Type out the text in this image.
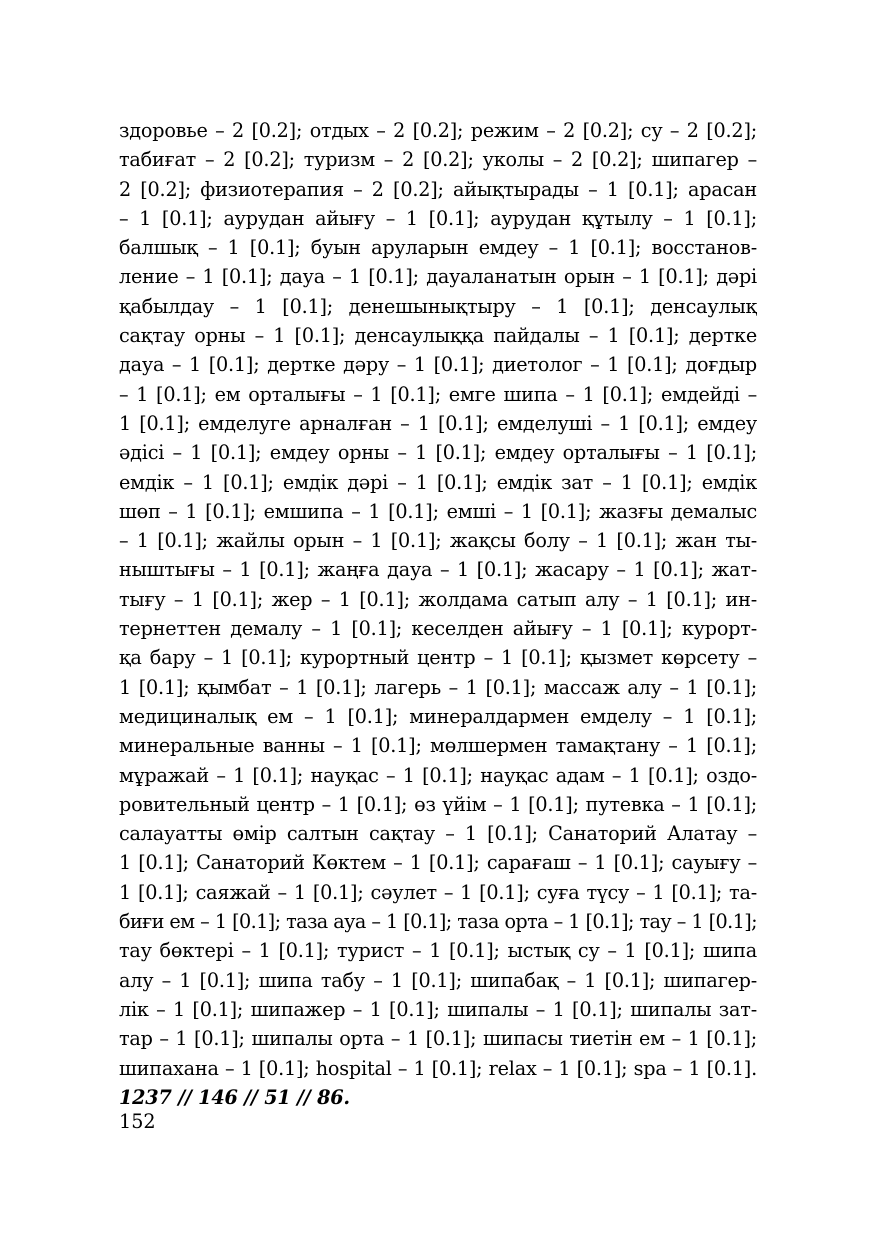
здоровье – 2 [0.2]; отдых – 2 [0.2]; режим – 2 [0.2]; су – 2 [0.2];
табиғат – 2 [0.2]; туризм – 2 [0.2]; уколы – 2 [0.2]; шипагер –
2 [0.2]; физиотерапия – 2 [0.2]; айықтырады – 1 [0.1]; арасан
– 1 [0.1]; аурудан айығу – 1 [0.1]; аурудан құтылу – 1 [0.1];
балшық – 1 [0.1]; буын аруларын емдеу – 1 [0.1]; восстанов-
ление – 1 [0.1]; дауа – 1 [0.1]; дауаланатын орын – 1 [0.1]; дәрі
қабылдау – 1 [0.1]; денешынықтыру – 1 [0.1]; денсаулық
сақтау орны – 1 [0.1]; денсаулыққа пайдалы – 1 [0.1]; дертке
дауа – 1 [0.1]; дертке дәру – 1 [0.1]; диетолог – 1 [0.1]; доғдыр
– 1 [0.1]; ем орталығы – 1 [0.1]; емге шипа – 1 [0.1]; емдейді –
1 [0.1]; емделуге арналған – 1 [0.1]; емделуші – 1 [0.1]; емдеу
әдісі – 1 [0.1]; емдеу орны – 1 [0.1]; емдеу орталығы – 1 [0.1];
емдік – 1 [0.1]; емдік дәрі – 1 [0.1]; емдік зат – 1 [0.1]; емдік
шөп – 1 [0.1]; емшипа – 1 [0.1]; емші – 1 [0.1]; жазғы демалыс
– 1 [0.1]; жайлы орын – 1 [0.1]; жақсы болу – 1 [0.1]; жан ты-
ныштығы – 1 [0.1]; жаңға дауа – 1 [0.1]; жасару – 1 [0.1]; жат-
тығу – 1 [0.1]; жер – 1 [0.1]; жолдама сатып алу – 1 [0.1]; ин-
тернеттен демалу – 1 [0.1]; кеселден айығу – 1 [0.1]; курорт-
қа бару – 1 [0.1]; курортный центр – 1 [0.1]; қызмет көрсету –
1 [0.1]; қымбат – 1 [0.1]; лагерь – 1 [0.1]; массаж алу – 1 [0.1];
медициналық ем – 1 [0.1]; минералдармен емделу – 1 [0.1];
минеральные ванны – 1 [0.1]; мөлшермен тамақтану – 1 [0.1];
мұражай – 1 [0.1]; науқас – 1 [0.1]; науқас адам – 1 [0.1]; оздо-
ровительный центр – 1 [0.1]; өз үйім – 1 [0.1]; путевка – 1 [0.1];
салауатты өмір салтын сақтау – 1 [0.1]; Санаторий Алатау –
1 [0.1]; Санаторий Көктем – 1 [0.1]; сарағаш – 1 [0.1]; сауығу –
1 [0.1]; саяжай – 1 [0.1]; сәулет – 1 [0.1]; суға түсу – 1 [0.1]; та-
биғи ем – 1 [0.1]; таза ауа – 1 [0.1]; таза орта – 1 [0.1]; тау – 1 [0.1];
тау бөктері – 1 [0.1]; турист – 1 [0.1]; ыстық су – 1 [0.1]; шипа
алу – 1 [0.1]; шипа табу – 1 [0.1]; шипабақ – 1 [0.1]; шипагер-
лік – 1 [0.1]; шипажер – 1 [0.1]; шипалы – 1 [0.1]; шипалы зат-
тар – 1 [0.1]; шипалы орта – 1 [0.1]; шипасы тиетін ем – 1 [0.1];
шипахана – 1 [0.1]; hospital – 1 [0.1]; relax – 1 [0.1]; spa – 1 [0.1].
1237 // 146 // 51 // 86.
152
